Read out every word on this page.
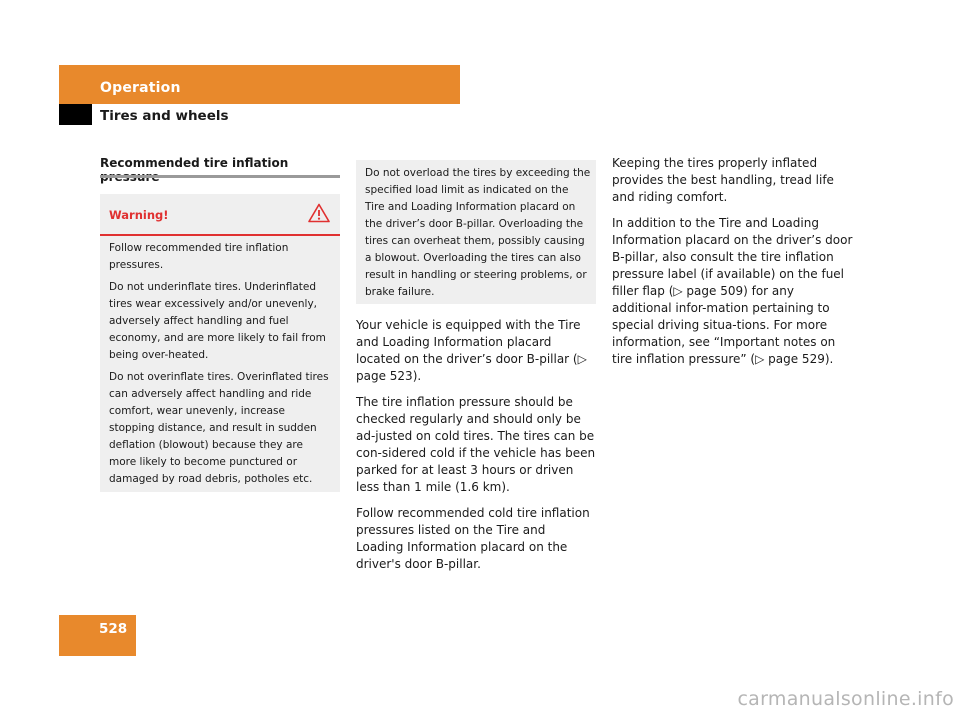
Operation
Tires and wheels
Recommended tire inflation
Warning!

Follow recommended tire inflation pressures.

Do not underinflate tires. Underinflated tires wear excessively and/or unevenly, adversely affect handling and fuel economy, and are more likely to fail from being over-heated.

Do not overinflate tires. Overinflated tires can adversely affect handling and ride comfort, wear unevenly, increase stopping distance, and result in sudden deflation (blowout) because they are more likely to become punctured or damaged by road debris, potholes etc.

Do not overload the tires by exceeding the specified load limit as indicated on the Tire and Loading Information placard on the driver’s door B-pillar. Overloading the tires can overheat them, possibly causing a blowout. Overloading the tires can also result in handling or steering problems, or brake failure.

Your vehicle is equipped with the Tire and Loading Information placard located on the driver’s door B-pillar (▷ page 523).

The tire inflation pressure should be checked regularly and should only be ad-justed on cold tires. The tires can be con-sidered cold if the vehicle has been parked for at least 3 hours or driven less than 1 mile (1.6 km).

Follow recommended cold tire inflation pressures listed on the Tire and Loading Information placard on the driver's door B-pillar.

Keeping the tires properly inflated provides the best handling, tread life and riding comfort.

In addition to the Tire and Loading Information placard on the driver’s door B-pillar, also consult the tire inflation pressure label (if available) on the fuel filler flap (▷ page 509) for any additional infor-mation pertaining to special driving situa-tions. For more information, see “Important notes on tire inflation pressure” (▷ page 529).

528
carmanualsonline.info
